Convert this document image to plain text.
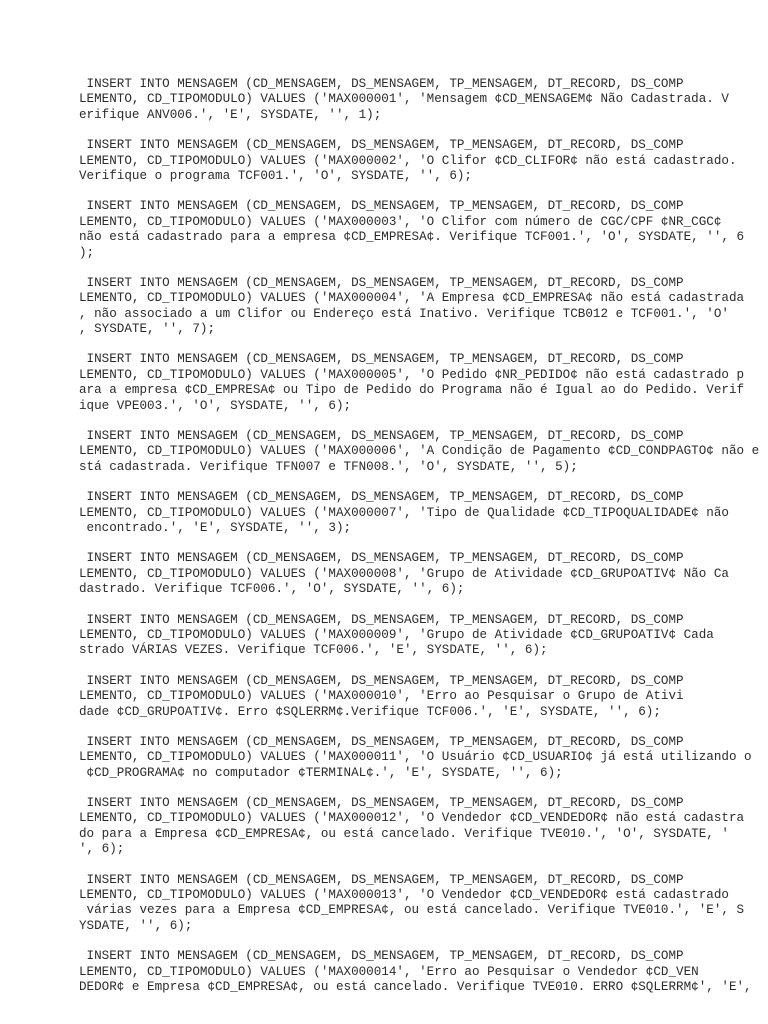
INSERT INTO MENSAGEM (CD_MENSAGEM, DS_MENSAGEM, TP_MENSAGEM, DT_RECORD, DS_COMP
LEMENTO, CD_TIPOMODULO) VALUES ('MAX000001', 'Mensagem ¢CD_MENSAGEM¢ Não Cadastrada. V
erifique ANV006.', 'E', SYSDATE, '', 1);
INSERT INTO MENSAGEM (CD_MENSAGEM, DS_MENSAGEM, TP_MENSAGEM, DT_RECORD, DS_COMP
LEMENTO, CD_TIPOMODULO) VALUES ('MAX000002', 'O Clifor ¢CD_CLIFOR¢ não está cadastrado.
Verifique o programa TCF001.', 'O', SYSDATE, '', 6);
INSERT INTO MENSAGEM (CD_MENSAGEM, DS_MENSAGEM, TP_MENSAGEM, DT_RECORD, DS_COMP
LEMENTO, CD_TIPOMODULO) VALUES ('MAX000003', 'O Clifor com número de CGC/CPF ¢NR_CGC¢
não está cadastrado para a empresa ¢CD_EMPRESA¢. Verifique TCF001.', 'O', SYSDATE, '', 6
);
INSERT INTO MENSAGEM (CD_MENSAGEM, DS_MENSAGEM, TP_MENSAGEM, DT_RECORD, DS_COMP
LEMENTO, CD_TIPOMODULO) VALUES ('MAX000004', 'A Empresa ¢CD_EMPRESA¢ não está cadastrada
, não associado a um Clifor ou Endereço está Inativo. Verifique TCB012 e TCF001.', 'O'
, SYSDATE, '', 7);
INSERT INTO MENSAGEM (CD_MENSAGEM, DS_MENSAGEM, TP_MENSAGEM, DT_RECORD, DS_COMP
LEMENTO, CD_TIPOMODULO) VALUES ('MAX000005', 'O Pedido ¢NR_PEDIDO¢ não está cadastrado p
ara a empresa ¢CD_EMPRESA¢ ou Tipo de Pedido do Programa não é Igual ao do Pedido. Verif
ique VPE003.', 'O', SYSDATE, '', 6);
INSERT INTO MENSAGEM (CD_MENSAGEM, DS_MENSAGEM, TP_MENSAGEM, DT_RECORD, DS_COMP
LEMENTO, CD_TIPOMODULO) VALUES ('MAX000006', 'A Condição de Pagamento ¢CD_CONDPAGTO¢ não e
stá cadastrada. Verifique TFN007 e TFN008.', 'O', SYSDATE, '', 5);
INSERT INTO MENSAGEM (CD_MENSAGEM, DS_MENSAGEM, TP_MENSAGEM, DT_RECORD, DS_COMP
LEMENTO, CD_TIPOMODULO) VALUES ('MAX000007', 'Tipo de Qualidade ¢CD_TIPOQUALIDADE¢ não
encontrado.', 'E', SYSDATE, '', 3);
INSERT INTO MENSAGEM (CD_MENSAGEM, DS_MENSAGEM, TP_MENSAGEM, DT_RECORD, DS_COMP
LEMENTO, CD_TIPOMODULO) VALUES ('MAX000008', 'Grupo de Atividade ¢CD_GRUPOATIV¢ Não Ca
dastrado. Verifique TCF006.', 'O', SYSDATE, '', 6);
INSERT INTO MENSAGEM (CD_MENSAGEM, DS_MENSAGEM, TP_MENSAGEM, DT_RECORD, DS_COMP
LEMENTO, CD_TIPOMODULO) VALUES ('MAX000009', 'Grupo de Atividade ¢CD_GRUPOATIV¢ Cada
strado VÁRIAS VEZES. Verifique TCF006.', 'E', SYSDATE, '', 6);
INSERT INTO MENSAGEM (CD_MENSAGEM, DS_MENSAGEM, TP_MENSAGEM, DT_RECORD, DS_COMP
LEMENTO, CD_TIPOMODULO) VALUES ('MAX000010', 'Erro ao Pesquisar o Grupo de Ativi
dade ¢CD_GRUPOATIV¢. Erro ¢SQLERRM¢.Verifique TCF006.', 'E', SYSDATE, '', 6);
INSERT INTO MENSAGEM (CD_MENSAGEM, DS_MENSAGEM, TP_MENSAGEM, DT_RECORD, DS_COMP
LEMENTO, CD_TIPOMODULO) VALUES ('MAX000011', 'O Usuário ¢CD_USUARIO¢ já está utilizando o
¢CD_PROGRAMA¢ no computador ¢TERMINAL¢.', 'E', SYSDATE, '', 6);
INSERT INTO MENSAGEM (CD_MENSAGEM, DS_MENSAGEM, TP_MENSAGEM, DT_RECORD, DS_COMP
LEMENTO, CD_TIPOMODULO) VALUES ('MAX000012', 'O Vendedor ¢CD_VENDEDOR¢ não está cadastra
do para a Empresa ¢CD_EMPRESA¢, ou está cancelado. Verifique TVE010.', 'O', SYSDATE, '
', 6);
INSERT INTO MENSAGEM (CD_MENSAGEM, DS_MENSAGEM, TP_MENSAGEM, DT_RECORD, DS_COMP
LEMENTO, CD_TIPOMODULO) VALUES ('MAX000013', 'O Vendedor ¢CD_VENDEDOR¢ está cadastrado
várias vezes para a Empresa ¢CD_EMPRESA¢, ou está cancelado. Verifique TVE010.', 'E', S
YSDATE, '', 6);
INSERT INTO MENSAGEM (CD_MENSAGEM, DS_MENSAGEM, TP_MENSAGEM, DT_RECORD, DS_COMP
LEMENTO, CD_TIPOMODULO) VALUES ('MAX000014', 'Erro ao Pesquisar o Vendedor ¢CD_VEN
DEDOR¢ e Empresa ¢CD_EMPRESA¢, ou está cancelado. Verifique TVE010. ERRO ¢SQLERRM¢', 'E',
